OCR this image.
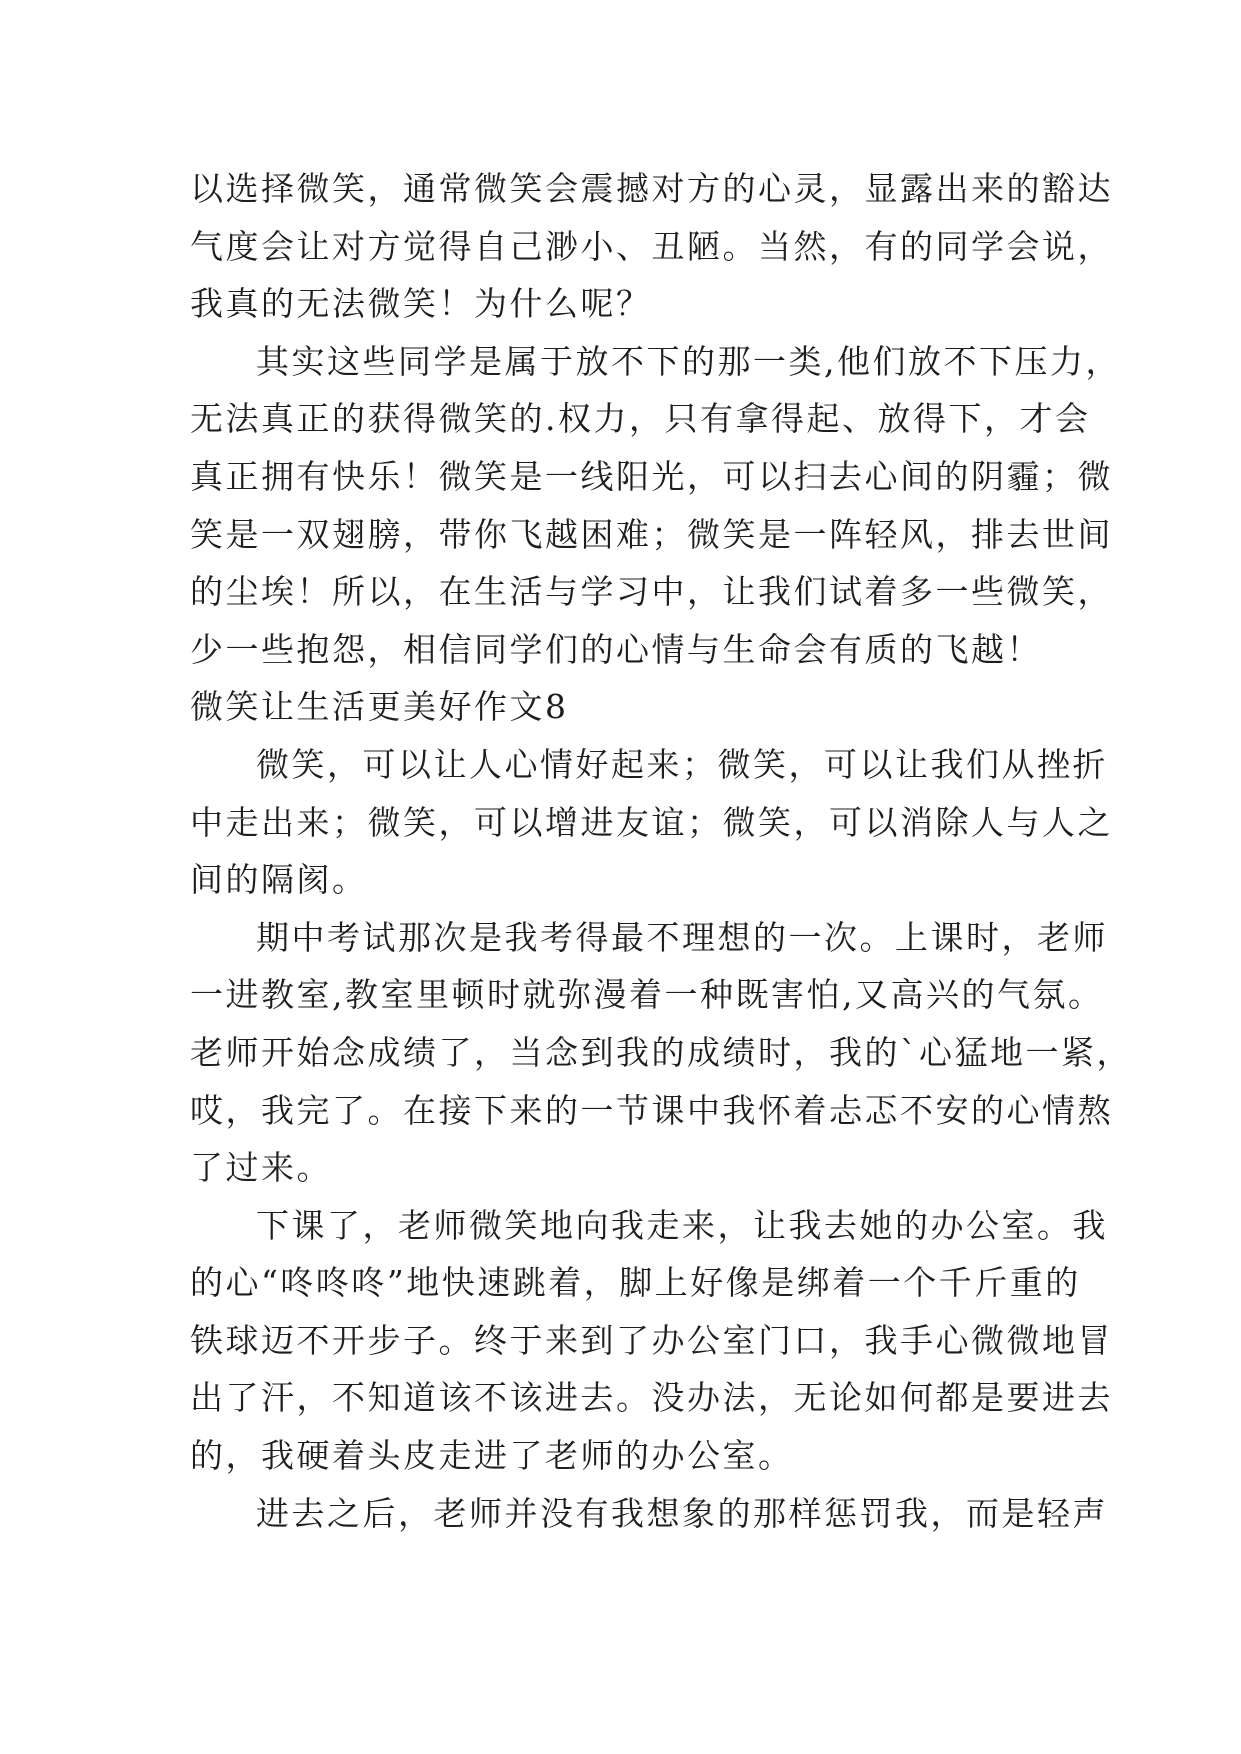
以选择微笑，通常微笑会震撼对方的心灵，显露出来的豁达
气度会让对方觉得自己渺小、丑陋。当然，有的同学会说，
我真的无法微笑！为什么呢？
其实这些同学是属于放不下的那一类,他们放不下压力，
无法真正的获得微笑的.权力，只有拿得起、放得下，才会
真正拥有快乐！微笑是一线阳光，可以扫去心间的阴霾；微
笑是一双翅膀，带你飞越困难；微笑是一阵轻风，排去世间
的尘埃！所以，在生活与学习中，让我们试着多一些微笑，
少一些抱怨，相信同学们的心情与生命会有质的飞越！
微笑让生活更美好作文8
微笑，可以让人心情好起来；微笑，可以让我们从挫折
中走出来；微笑，可以增进友谊；微笑，可以消除人与人之
间的隔阂。
期中考试那次是我考得最不理想的一次。上课时，老师
一进教室,教室里顿时就弥漫着一种既害怕,又高兴的气氛。
老师开始念成绩了，当念到我的成绩时，我的`心猛地一紧，
哎，我完了。在接下来的一节课中我怀着忐忑不安的心情熬
了过来。
下课了，老师微笑地向我走来，让我去她的办公室。我
的心“咚咚咚”地快速跳着，脚上好像是绑着一个千斤重的
铁球迈不开步子。终于来到了办公室门口，我手心微微地冒
出了汗，不知道该不该进去。没办法，无论如何都是要进去
的，我硬着头皮走进了老师的办公室。
进去之后，老师并没有我想象的那样惩罚我，而是轻声
